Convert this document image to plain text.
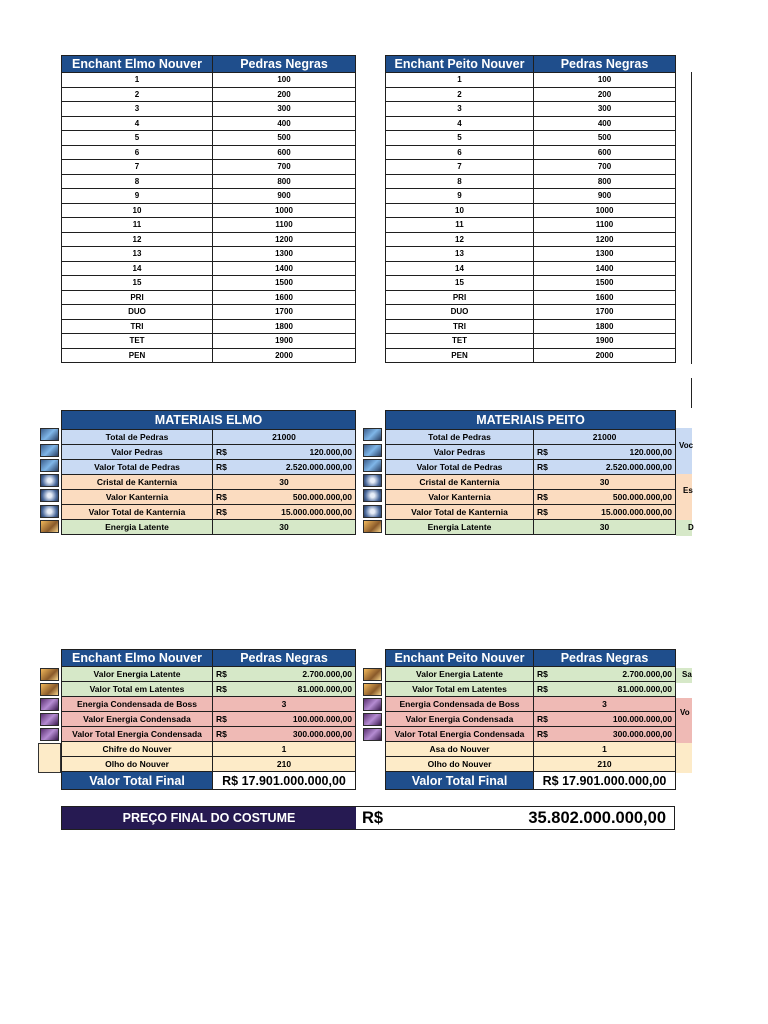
Enchant Elmo Nouver	Pedras Negras
1	100
2	200
3	300
4	400
5	500
6	600
7	700
8	800
9	900
10	1000
11	1100
12	1200
13	1300
14	1400
15	1500
PRI	1600
DUO	1700
TRI	1800
TET	1900
PEN	2000
Enchant Peito Nouver	Pedras Negras
1	100
2	200
3	300
4	400
5	500
6	600
7	700
8	800
9	900
10	1000
11	1100
12	1200
13	1300
14	1400
15	1500
PRI	1600
DUO	1700
TRI	1800
TET	1900
PEN	2000
MATERIAIS ELMO	
Total de Pedras	21000
Valor Pedras	R$ 120.000,00

Valor Total de Pedras	R$ 2.520.000.000,00

Cristal de Kanternia	30
Valor Kanternia	R$ 500.000.000,00

Valor Total de Kanternia	R$ 15.000.000.000,00

Energia Latente	30
MATERIAIS PEITO	
Total de Pedras	21000
Valor Pedras	R$ 120.000,00

Valor Total de Pedras	R$ 2.520.000.000,00

Cristal de Kanternia	30
Valor Kanternia	R$ 500.000.000,00

Valor Total de Kanternia	R$ 15.000.000.000,00

Energia Latente	30
Voc
Es
D
Enchant Elmo Nouver	Pedras Negras
Valor Energia Latente	R$ 2.700.000,00

Valor Total em Latentes	R$ 81.000.000,00

Energia Condensada de Boss	3
Valor Energia Condensada	R$ 100.000.000,00

Valor Total Energia Condensada	R$ 300.000.000,00

Chifre do Nouver	1
Olho do Nouver	210
Valor Total Final	R$ 17.901.000.000,00
Enchant Peito Nouver	Pedras Negras
Valor Energia Latente	R$ 2.700.000,00

Valor Total em Latentes	R$ 81.000.000,00

Energia Condensada de Boss	3
Valor Energia Condensada	R$ 100.000.000,00

Valor Total Energia Condensada	R$ 300.000.000,00

Asa do Nouver	1
Olho do Nouver	210
Valor Total Final	R$ 17.901.000.000,00
Sa
Vo
PREÇO FINAL DO COSTUME	R$	35.802.000.000,00
